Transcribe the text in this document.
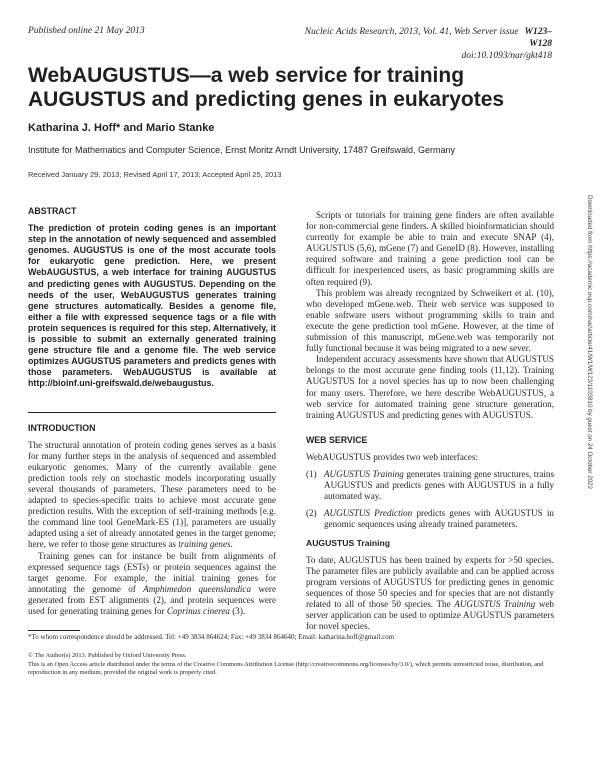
Published online 21 May 2013	Nucleic Acids Research, 2013, Vol. 41, Web Server issue W123–W128
doi:10.1093/nar/gkt418
WebAUGUSTUS—a web service for training AUGUSTUS and predicting genes in eukaryotes
Katharina J. Hoff* and Mario Stanke
Institute for Mathematics and Computer Science, Ernst Moritz Arndt University, 17487 Greifswald, Germany
Received January 29, 2013; Revised April 17, 2013; Accepted April 25, 2013
ABSTRACT

The prediction of protein coding genes is an important step in the annotation of newly sequenced and assembled genomes. AUGUSTUS is one of the most accurate tools for eukaryotic gene prediction. Here, we present WebAUGUSTUS, a web interface for training AUGUSTUS and predicting genes with AUGUSTUS. Depending on the needs of the user, WebAUGUSTUS generates training gene structures automatically. Besides a genome file, either a file with expressed sequence tags or a file with protein sequences is required for this step. Alternatively, it is possible to submit an externally generated training gene structure file and a genome file. The web service optimizes AUGUSTUS parameters and predicts genes with those parameters. WebAUGUSTUS is available at http://bioinf.uni-greifswald.de/webaugustus.

INTRODUCTION

The structural annotation of protein coding genes serves as a basis for many further steps in the analysis of sequenced and assembled eukaryotic genomes. Many of the currently available gene prediction tools rely on stochastic models incorporating usually several thousands of parameters. These parameters need to be adapted to species-specific traits to achieve most accurate gene prediction results. With the exception of self-training methods [e.g. the command line tool GeneMark-ES (1)], parameters are usually adapted using a set of already annotated genes in the target genome; here, we refer to those gene structures as training genes.

Training genes can for instance be built from alignments of expressed sequence tags (ESTs) or protein sequences against the target genome. For example, the initial training genes for annotating the genome of Amphimedon queenslandica were generated from EST alignments (2), and protein sequences were used for generating training genes for Coprinus cinerea (3).

Scripts or tutorials for training gene finders are often available for non-commercial gene finders. A skilled bioinformatician should currently for example be able to train and execute SNAP (4), AUGUSTUS (5,6), mGene (7) and GeneID (8). However, installing required software and training a gene prediction tool can be difficult for inexperienced users, as basic programming skills are often required (9).

This problem was already recognized by Schweikert et al. (10), who developed mGene.web. Their web service was supposed to enable software users without programming skills to train and execute the gene prediction tool mGene. However, at the time of submission of this manuscript, mGene.web was temporarily not fully functional because it was being migrated to a new sever.

Independent accuracy assessments have shown that AUGUSTUS belongs to the most accurate gene finding tools (11,12). Training AUGUSTUS for a novel species has up to now been challenging for many users. Therefore, we here describe WebAUGUSTUS, a web service for automated training gene structure generation, training AUGUSTUS and predicting genes with AUGUSTUS.

WEB SERVICE

WebAUGUSTUS provides two web interfaces:

(1) AUGUSTUS Training generates training gene structures, trains AUGUSTUS and predicts genes with AUGUSTUS in a fully automated way.
(2) AUGUSTUS Prediction predicts genes with AUGUSTUS in genomic sequences using already trained parameters.
AUGUSTUS Training

To date, AUGUSTUS has been trained by experts for >50 species. The parameter files are publicly available and can be applied across program versions of AUGUSTUS for predicting genes in genomic sequences of those 50 species and for species that are not distantly related to all of those 50 species. The AUGUSTUS Training web server application can be used to optimize AUGUSTUS parameters for novel species.

*To whom correspondence should be addressed. Tel: +49 3834 864624; Fax: +49 3834 864640; Email: katharina.hoff@gmail.com
© The Author(s) 2013. Published by Oxford University Press.
This is an Open Access article distributed under the terms of the Creative Commons Attribution License (http://creativecommons.org/licenses/by/3.0/), which permits unrestricted reuse, distribution, and reproduction in any medium, provided the original work is properly cited.
Downloaded from https://academic.oup.com/nar/article/41/W1/W123/1103810 by guest on 24 October 2022
